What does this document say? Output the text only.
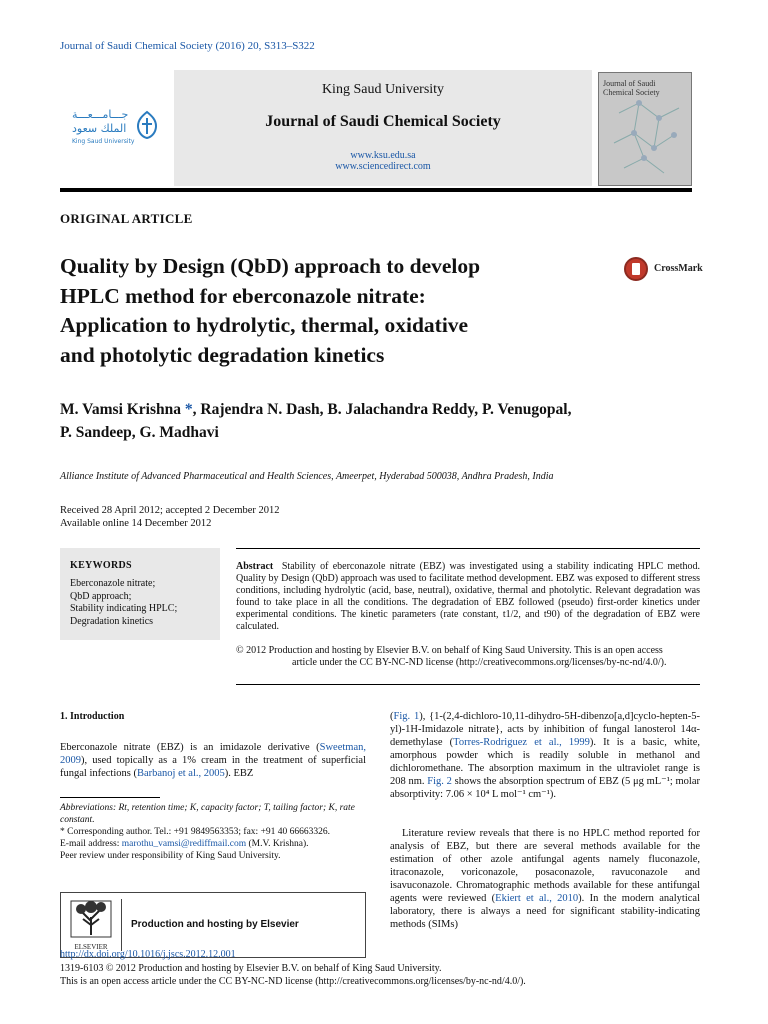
Journal of Saudi Chemical Society (2016) 20, S313–S322
جـــامـــعـــة
الملك سعود
King Saud University
King Saud University
Journal of Saudi Chemical Society
www.ksu.edu.sa
www.sciencedirect.com
Journal of Saudi
Chemical Society
ORIGINAL ARTICLE
Quality by Design (QbD) approach to develop
HPLC method for eberconazole nitrate:
Application to hydrolytic, thermal, oxidative
and photolytic degradation kinetics
CrossMark
M. Vamsi Krishna *, Rajendra N. Dash, B. Jalachandra Reddy, P. Venugopal,
P. Sandeep, G. Madhavi
Alliance Institute of Advanced Pharmaceutical and Health Sciences, Ameerpet, Hyderabad 500038, Andhra Pradesh, India
Received 28 April 2012; accepted 2 December 2012
Available online 14 December 2012
KEYWORDS
Eberconazole nitrate;
QbD approach;
Stability indicating HPLC;
Degradation kinetics
Abstract Stability of eberconazole nitrate (EBZ) was investigated using a stability indicating HPLC method. Quality by Design (QbD) approach was used to facilitate method development. EBZ was exposed to different stress conditions, including hydrolytic (acid, base, neutral), oxidative, thermal and photolytic. Relevant degradation was found to take place in all the conditions. The degradation of EBZ followed (pseudo) first-order kinetics under experimental conditions. The kinetic parameters (rate constant, t1/2, and t90) of the degradation of EBZ were calculated.
© 2012 Production and hosting by Elsevier B.V. on behalf of King Saud University. This is an open access
article under the CC BY-NC-ND license (http://creativecommons.org/licenses/by-nc-nd/4.0/).
1. Introduction
Eberconazole nitrate (EBZ) is an imidazole derivative (Sweetman, 2009), used topically as a 1% cream in the treatment of superficial fungal infections (Barbanoj et al., 2005). EBZ
Abbreviations: Rt, retention time; K, capacity factor; T, tailing factor; K, rate constant.
* Corresponding author. Tel.: +91 9849563353; fax: +91 40 66663326.
E-mail address: marothu_vamsi@rediffmail.com (M.V. Krishna).
Peer review under responsibility of King Saud University.
ELSEVIER
Production and hosting by Elsevier
(Fig. 1), {1-(2,4-dichloro-10,11-dihydro-5H-dibenzo[a,d]cyclo-hepten-5-yl)-1H-Imidazole nitrate}, acts by inhibition of fungal lanosterol 14α-demethylase (Torres-Rodriguez et al., 1999). It is a basic, white, amorphous powder which is readily soluble in methanol and dichloromethane. The absorption maximum in the ultraviolet range is 208 nm. Fig. 2 shows the absorption spectrum of EBZ (5 μg mL⁻¹; molar absorptivity: 7.06 × 10⁴ L mol⁻¹ cm⁻¹).
Literature review reveals that there is no HPLC method reported for analysis of EBZ, but there are several methods available for the estimation of other azole antifungal agents namely fluconazole, itraconazole, voriconazole, posaconazole, ravuconazole and isavuconazole. Chromatographic methods available for these antifungal agents were reviewed (Ekiert et al., 2010). In the modern analytical laboratory, there is always a need for significant stability-indicating methods (SIMs)
http://dx.doi.org/10.1016/j.jscs.2012.12.001
1319-6103 © 2012 Production and hosting by Elsevier B.V. on behalf of King Saud University.
This is an open access article under the CC BY-NC-ND license (http://creativecommons.org/licenses/by-nc-nd/4.0/).
